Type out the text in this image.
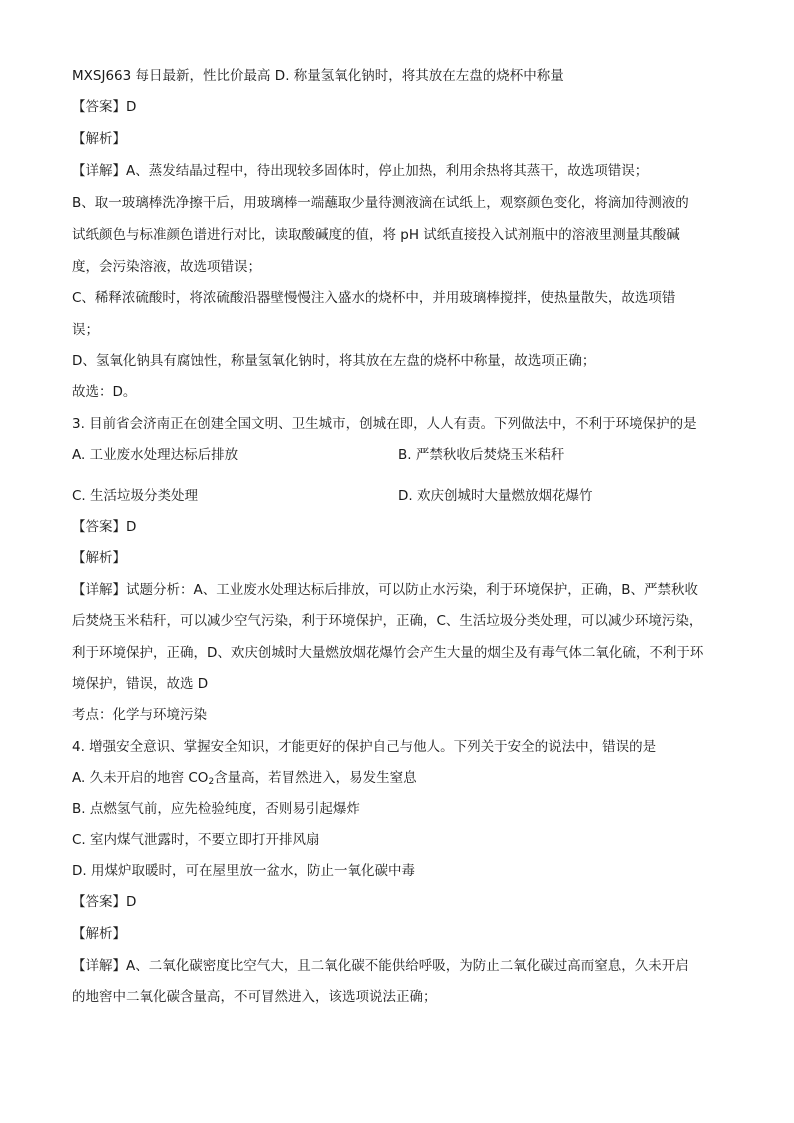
MXSJ663 每日最新，性比价最高 D. 称量氢氧化钠时，将其放在左盘的烧杯中称量
【答案】D
【解析】
【详解】A、蒸发结晶过程中，待出现较多固体时，停止加热，利用余热将其蒸干，故选项错误；
B、取一玻璃棒洗净擦干后，用玻璃棒一端蘸取少量待测液滴在试纸上，观察颜色变化，将滴加待测液的
试纸颜色与标准颜色谱进行对比，读取酸碱度的值，将 pH 试纸直接投入试剂瓶中的溶液里测量其酸碱
度，会污染溶液，故选项错误；
C、稀释浓硫酸时，将浓硫酸沿器壁慢慢注入盛水的烧杯中，并用玻璃棒搅拌，使热量散失，故选项错
误；
D、氢氧化钠具有腐蚀性，称量氢氧化钠时，将其放在左盘的烧杯中称量，故选项正确；
故选：D。
3. 目前省会济南正在创建全国文明、卫生城市，创城在即，人人有责。下列做法中，不利于环境保护的是
A. 工业废水处理达标后排放	B. 严禁秋收后焚烧玉米秸秆
C. 生活垃圾分类处理	D. 欢庆创城时大量燃放烟花爆竹
【答案】D
【解析】
【详解】试题分析：A、工业废水处理达标后排放，可以防止水污染，利于环境保护，正确，B、严禁秋收
后焚烧玉米秸秆，可以减少空气污染，利于环境保护，正确，C、生活垃圾分类处理，可以减少环境污染，
利于环境保护，正确，D、欢庆创城时大量燃放烟花爆竹会产生大量的烟尘及有毒气体二氧化硫，不利于环
境保护，错误，故选 D
考点：化学与环境污染
4. 增强安全意识、掌握安全知识，才能更好的保护自己与他人。下列关于安全的说法中，错误的是
A. 久未开启的地窖 $CO_2$含量高，若冒然进入，易发生窒息
B. 点燃氢气前，应先检验纯度，否则易引起爆炸
C. 室内煤气泄露时，不要立即打开排风扇
D. 用煤炉取暖时，可在屋里放一盆水，防止一氧化碳中毒
【答案】D
【解析】
【详解】A、二氧化碳密度比空气大，且二氧化碳不能供给呼吸，为防止二氧化碳过高而窒息，久未开启
的地窖中二氧化碳含量高，不可冒然进入，该选项说法正确；
